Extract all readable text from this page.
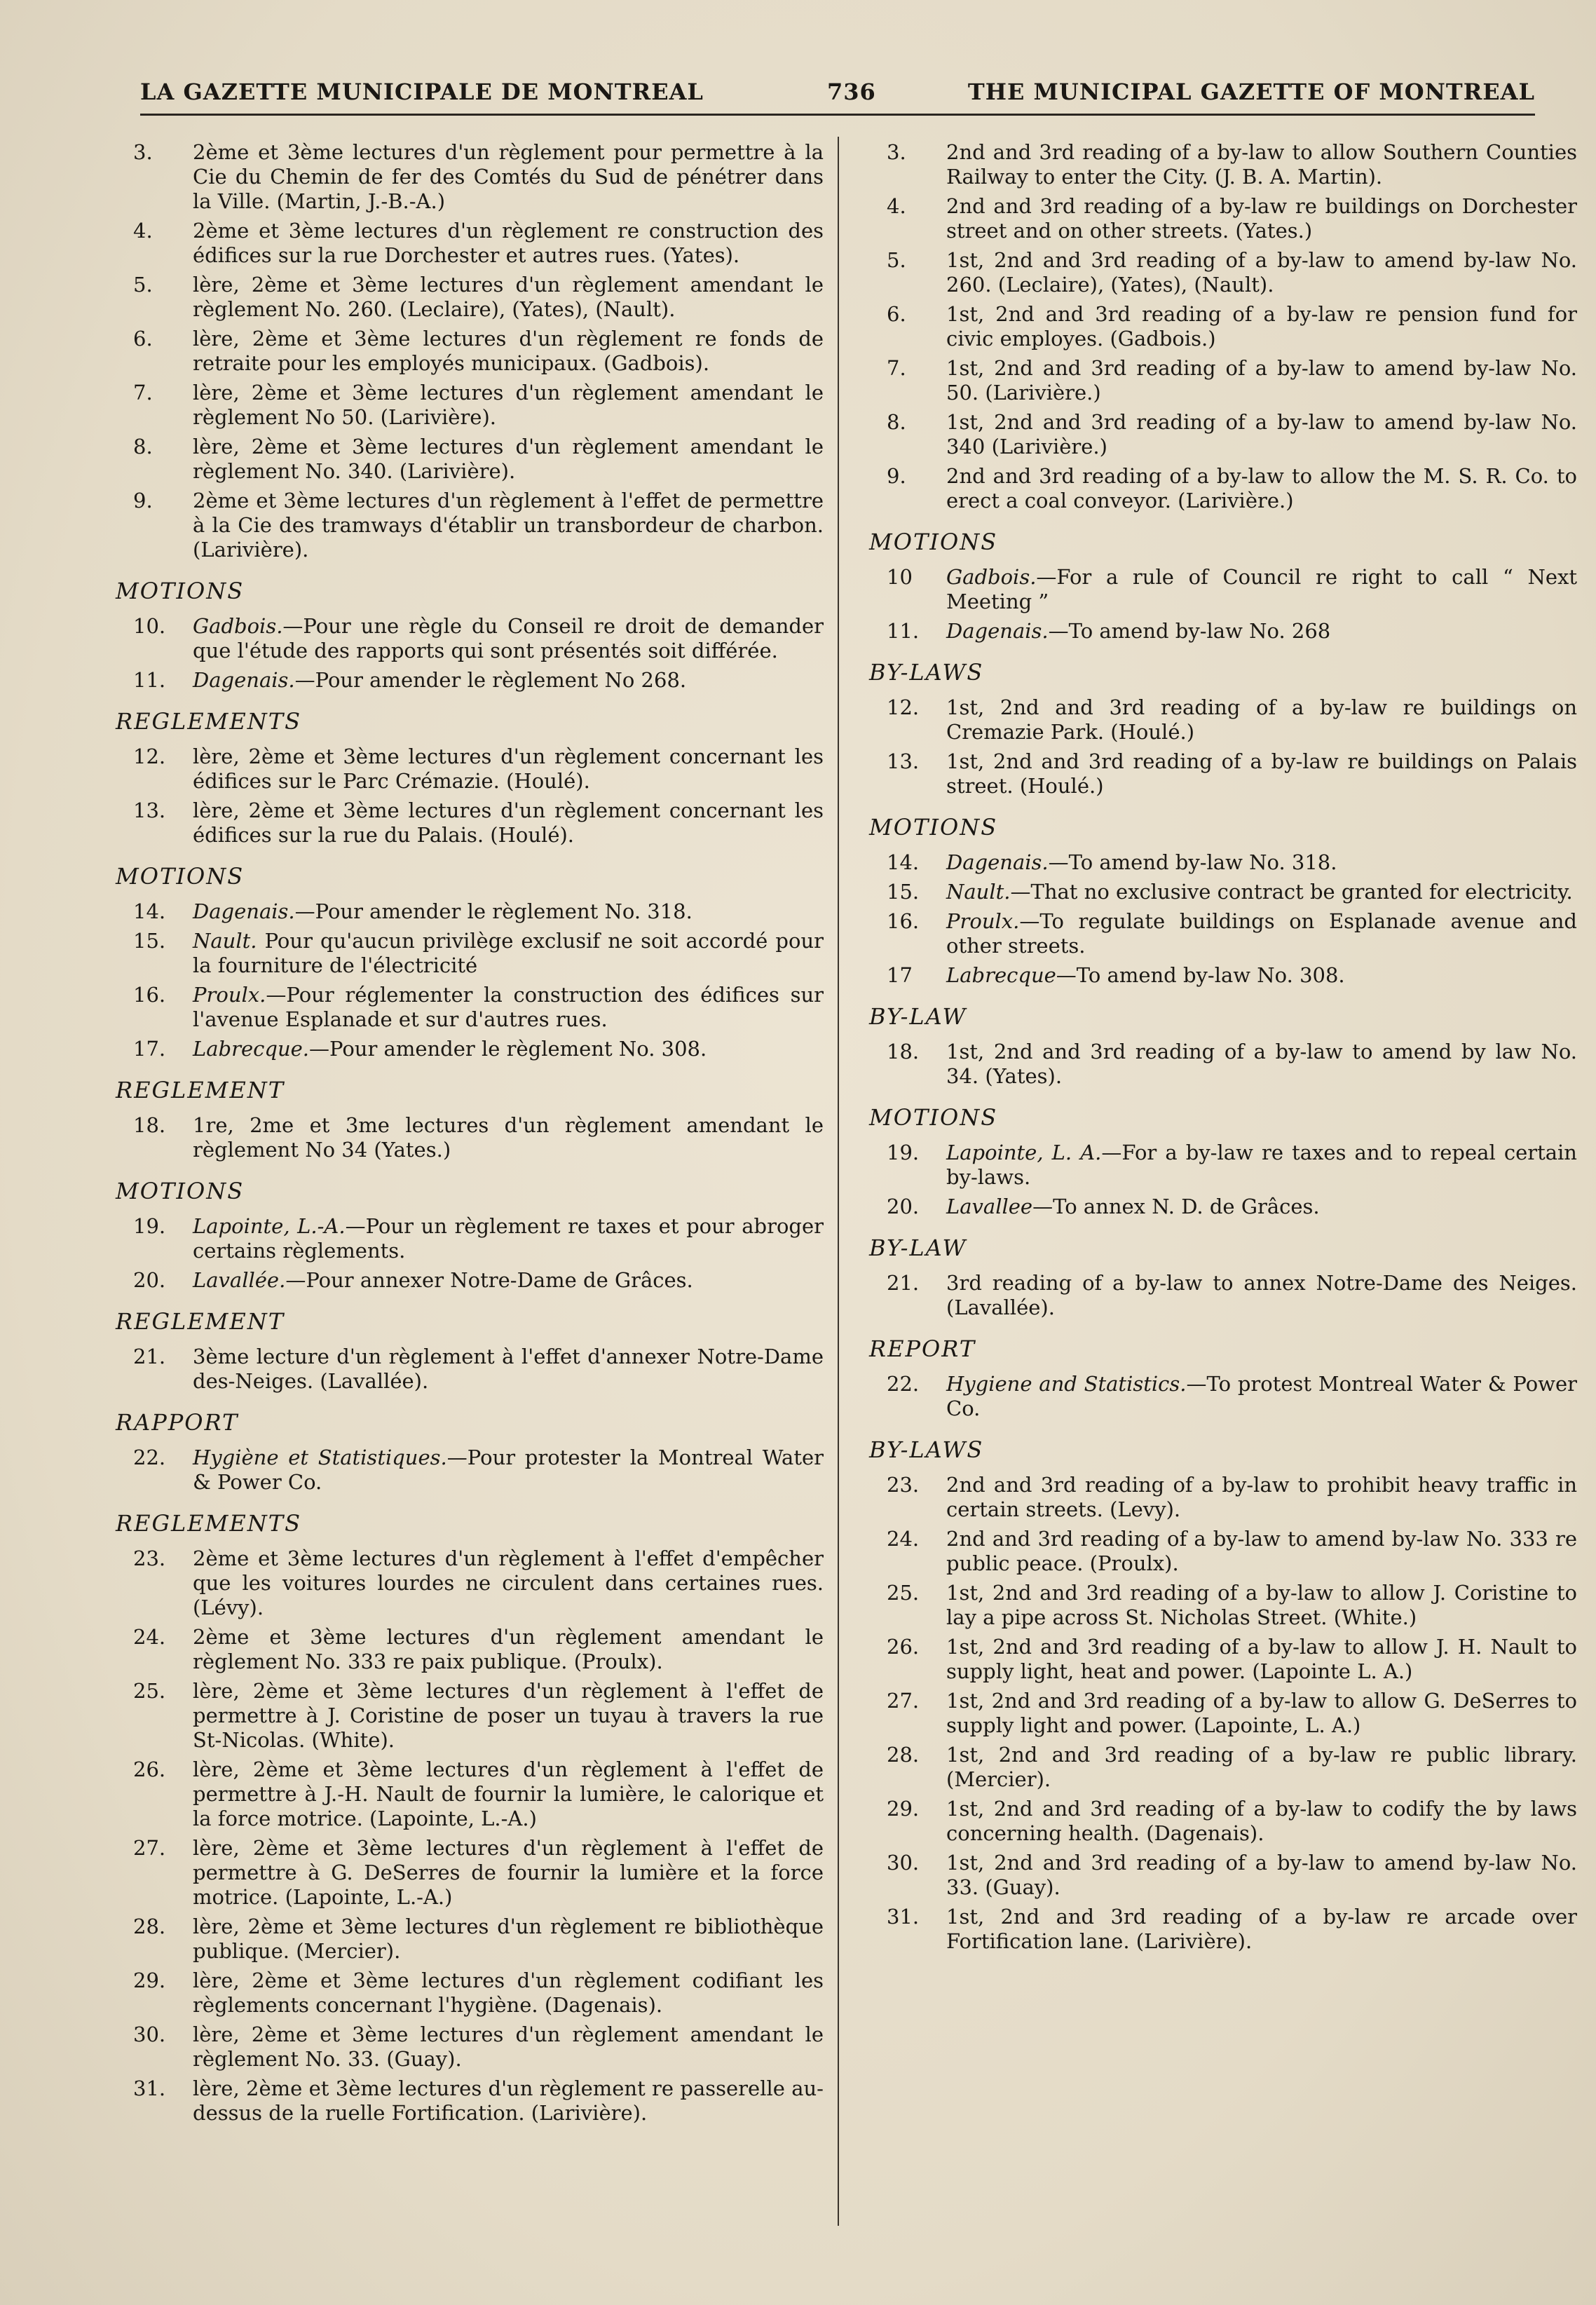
LA GAZETTE MUNICIPALE DE MONTREAL	736	THE MUNICIPAL GAZETTE OF MONTREAL
3. 2ème et 3ème lectures d'un règlement pour permettre à la Cie du Chemin de fer des Comtés du Sud de pénétrer dans la Ville. (Martin, J.-B.-A.)
4. 2ème et 3ème lectures d'un règlement re construction des édifices sur la rue Dorchester et autres rues. (Yates).
5. lère, 2ème et 3ème lectures d'un règlement amendant le règlement No. 260. (Leclaire), (Yates), (Nault).
6. lère, 2ème et 3ème lectures d'un règlement re fonds de retraite pour les employés municipaux. (Gadbois).
7. lère, 2ème et 3ème lectures d'un règlement amendant le règlement No 50. (Larivière).
8. lère, 2ème et 3ème lectures d'un règlement amendant le règlement No. 340. (Larivière).
9. 2ème et 3ème lectures d'un règlement à l'effet de permettre à la Cie des tramways d'établir un transbordeur de charbon. (Larivière).
MOTIONS
10. Gadbois.—Pour une règle du Conseil re droit de demander que l'étude des rapports qui sont présentés soit différée.
11. Dagenais.—Pour amender le règlement No 268.
REGLEMENTS
12. lère, 2ème et 3ème lectures d'un règlement concernant les édifices sur le Parc Crémazie. (Houlé).
13. lère, 2ème et 3ème lectures d'un règlement concernant les édifices sur la rue du Palais. (Houlé).
MOTIONS
14. Dagenais.—Pour amender le règlement No. 318.
15. Nault. Pour qu'aucun privilège exclusif ne soit accordé pour la fourniture de l'électricité
16. Proulx.—Pour réglementer la construction des édifices sur l'avenue Esplanade et sur d'autres rues.
17. Labrecque.—Pour amender le règlement No. 308.
REGLEMENT
18. 1re, 2me et 3me lectures d'un règlement amendant le règlement No 34 (Yates.)
MOTIONS
19. Lapointe, L.-A.—Pour un règlement re taxes et pour abroger certains règlements.
20. Lavallée.—Pour annexer Notre-Dame de Grâces.
REGLEMENT
21. 3ème lecture d'un règlement à l'effet d'annexer Notre-Dame des-Neiges. (Lavallée).
RAPPORT
22. Hygiène et Statistiques.—Pour protester la Montreal Water & Power Co.
REGLEMENTS
23. 2ème et 3ème lectures d'un règlement à l'effet d'empêcher que les voitures lourdes ne circulent dans certaines rues. (Lévy).
24. 2ème et 3ème lectures d'un règlement amendant le règlement No. 333 re paix publique. (Proulx).
25. lère, 2ème et 3ème lectures d'un règlement à l'effet de permettre à J. Coristine de poser un tuyau à travers la rue St-Nicolas. (White).
26. lère, 2ème et 3ème lectures d'un règlement à l'effet de permettre à J.-H. Nault de fournir la lumière, le calorique et la force motrice. (Lapointe, L.-A.)
27. lère, 2ème et 3ème lectures d'un règlement à l'effet de permettre à G. DeSerres de fournir la lumière et la force motrice. (Lapointe, L.-A.)
28. lère, 2ème et 3ème lectures d'un règlement re bibliothèque publique. (Mercier).
29. lère, 2ème et 3ème lectures d'un règlement codifiant les règlements concernant l'hygiène. (Dagenais).
30. lère, 2ème et 3ème lectures d'un règlement amendant le règlement No. 33. (Guay).
31. lère, 2ème et 3ème lectures d'un règlement re passerelle au-dessus de la ruelle Fortification. (Larivière).
3. 2nd and 3rd reading of a by-law to allow Southern Counties Railway to enter the City. (J. B. A. Martin).
4. 2nd and 3rd reading of a by-law re buildings on Dorchester street and on other streets. (Yates.)
5. 1st, 2nd and 3rd reading of a by-law to amend by-law No. 260. (Leclaire), (Yates), (Nault).
6. 1st, 2nd and 3rd reading of a by-law re pension fund for civic employes. (Gadbois.)
7. 1st, 2nd and 3rd reading of a by-law to amend by-law No. 50. (Larivière.)
8. 1st, 2nd and 3rd reading of a by-law to amend by-law No. 340 (Larivière.)
9. 2nd and 3rd reading of a by-law to allow the M. S. R. Co. to erect a coal conveyor. (Larivière.)
MOTIONS
10 Gadbois.—For a rule of Council re right to call “ Next Meeting ”
11. Dagenais.—To amend by-law No. 268
BY-LAWS
12. 1st, 2nd and 3rd reading of a by-law re buildings on Cremazie Park. (Houlé.)
13. 1st, 2nd and 3rd reading of a by-law re buildings on Palais street. (Houlé.)
MOTIONS
14. Dagenais.—To amend by-law No. 318.
15. Nault.—That no exclusive contract be granted for electricity.
16. Proulx.—To regulate buildings on Esplanade avenue and other streets.
17 Labrecque—To amend by-law No. 308.
BY-LAW
18. 1st, 2nd and 3rd reading of a by-law to amend by law No. 34. (Yates).
MOTIONS
19. Lapointe, L. A.—For a by-law re taxes and to repeal certain by-laws.
20. Lavallee—To annex N. D. de Grâces.
BY-LAW
21. 3rd reading of a by-law to annex Notre-Dame des Neiges. (Lavallée).
REPORT
22. Hygiene and Statistics.—To protest Montreal Water & Power Co.
BY-LAWS
23. 2nd and 3rd reading of a by-law to prohibit heavy traffic in certain streets. (Levy).
24. 2nd and 3rd reading of a by-law to amend by-law No. 333 re public peace. (Proulx).
25. 1st, 2nd and 3rd reading of a by-law to allow J. Coristine to lay a pipe across St. Nicholas Street. (White.)
26. 1st, 2nd and 3rd reading of a by-law to allow J. H. Nault to supply light, heat and power. (Lapointe L. A.)
27. 1st, 2nd and 3rd reading of a by-law to allow G. DeSerres to supply light and power. (Lapointe, L. A.)
28. 1st, 2nd and 3rd reading of a by-law re public library. (Mercier).
29. 1st, 2nd and 3rd reading of a by-law to codify the by laws concerning health. (Dagenais).
30. 1st, 2nd and 3rd reading of a by-law to amend by-law No. 33. (Guay).
31. 1st, 2nd and 3rd reading of a by-law re arcade over Fortification lane. (Larivière).
